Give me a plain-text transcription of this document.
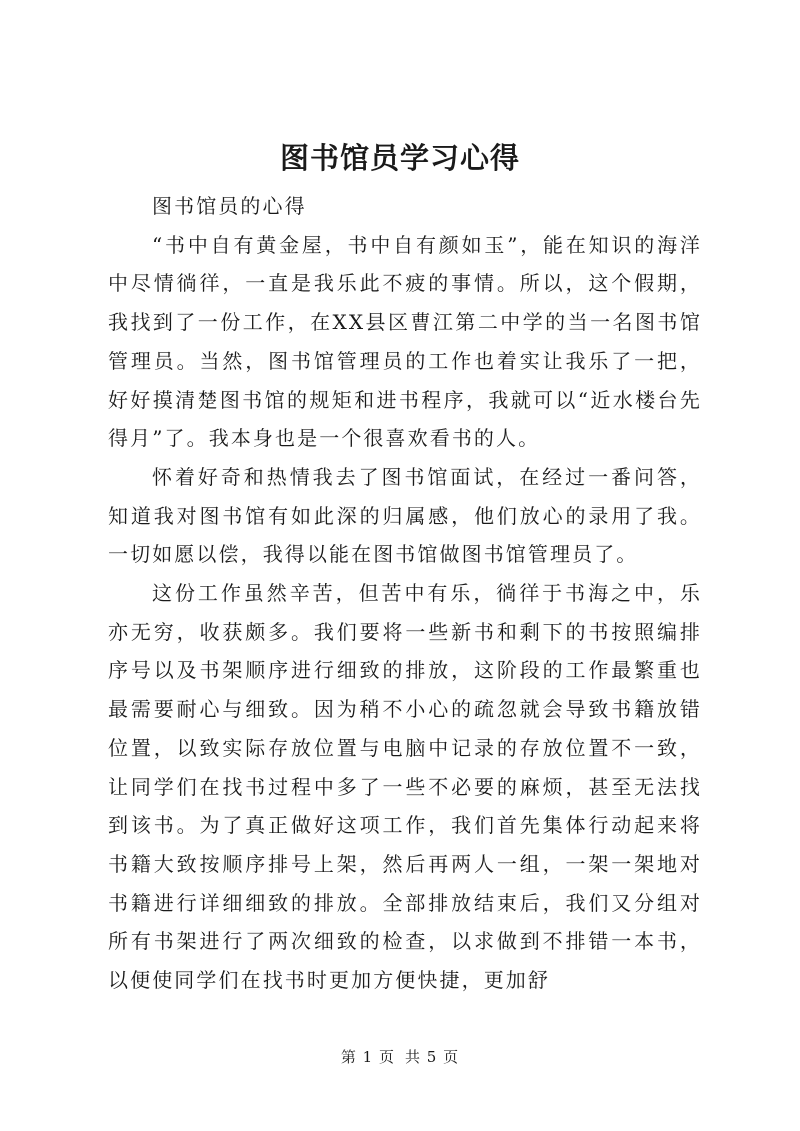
图书馆员学习心得

图书馆员的心得

“书中自有黄金屋，书中自有颜如玉”，能在知识的海洋中尽情徜徉，一直是我乐此不疲的事情。所以，这个假期，我找到了一份工作，在XX县区曹江第二中学的当一名图书馆管理员。当然，图书馆管理员的工作也着实让我乐了一把，好好摸清楚图书馆的规矩和进书程序，我就可以“近水楼台先得月”了。我本身也是一个很喜欢看书的人。

怀着好奇和热情我去了图书馆面试，在经过一番问答，知道我对图书馆有如此深的归属感，他们放心的录用了我。一切如愿以偿，我得以能在图书馆做图书馆管理员了。

这份工作虽然辛苦，但苦中有乐，徜徉于书海之中，乐亦无穷，收获颇多。我们要将一些新书和剩下的书按照编排序号以及书架顺序进行细致的排放，这阶段的工作最繁重也最需要耐心与细致。因为稍不小心的疏忽就会导致书籍放错位置，以致实际存放位置与电脑中记录的存放位置不一致，让同学们在找书过程中多了一些不必要的麻烦，甚至无法找到该书。为了真正做好这项工作，我们首先集体行动起来将书籍大致按顺序排号上架，然后再两人一组，一架一架地对书籍进行详细细致的排放。全部排放结束后，我们又分组对所有书架进行了两次细致的检查，以求做到不排错一本书，以便使同学们在找书时更加方便快捷，更加舒

第 1 页 共 5 页
